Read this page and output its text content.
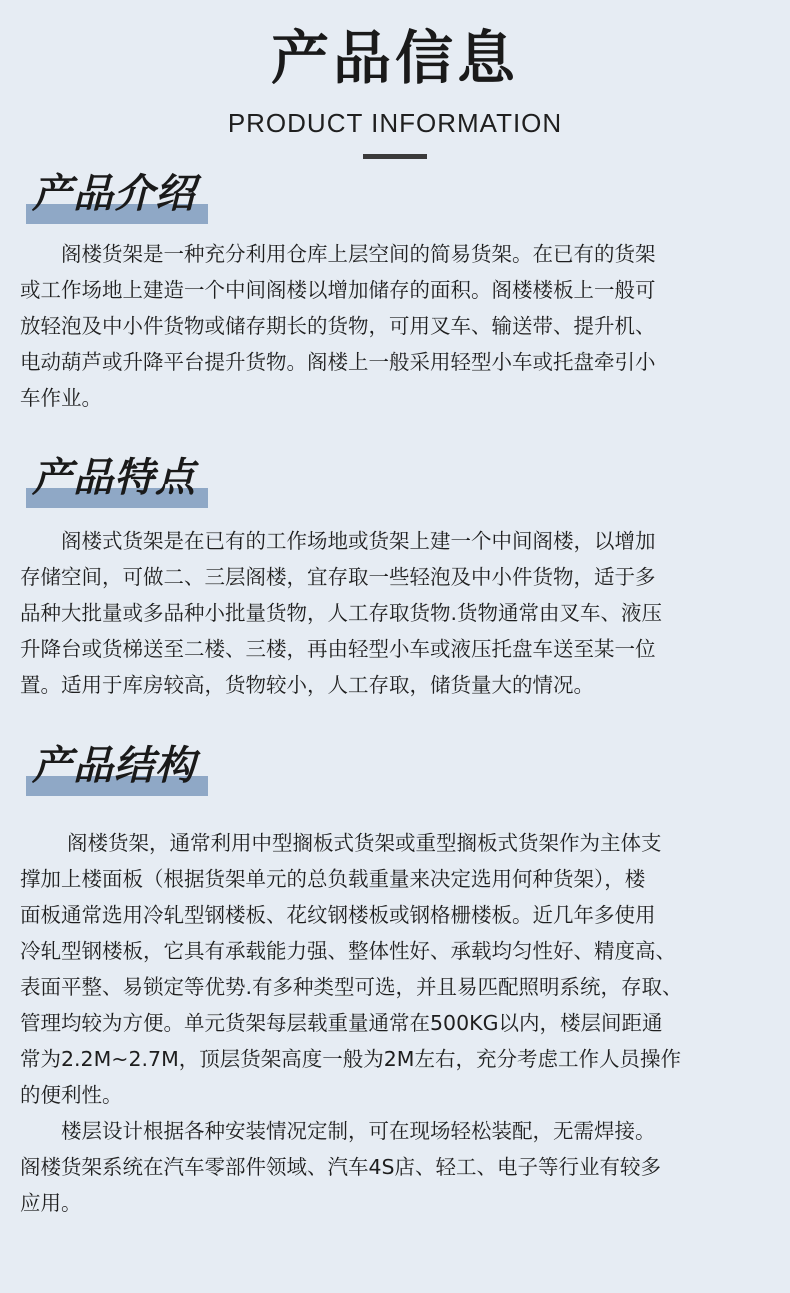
产品信息
PRODUCT INFORMATION
产品介绍
阁楼货架是一种充分利用仓库上层空间的简易货架。在已有的货架
或工作场地上建造一个中间阁楼以增加储存的面积。阁楼楼板上一般可
放轻泡及中小件货物或储存期长的货物，可用叉车、输送带、提升机、
电动葫芦或升降平台提升货物。阁楼上一般采用轻型小车或托盘牵引小
车作业。
产品特点
阁楼式货架是在已有的工作场地或货架上建一个中间阁楼，以增加
存储空间，可做二、三层阁楼，宜存取一些轻泡及中小件货物，适于多
品种大批量或多品种小批量货物，人工存取货物.货物通常由叉车、液压
升降台或货梯送至二楼、三楼，再由轻型小车或液压托盘车送至某一位
置。适用于库房较高，货物较小，人工存取，储货量大的情况。
产品结构
阁楼货架，通常利用中型搁板式货架或重型搁板式货架作为主体支
撑加上楼面板（根据货架单元的总负载重量来决定选用何种货架），楼
面板通常选用冷轧型钢楼板、花纹钢楼板或钢格栅楼板。近几年多使用
冷轧型钢楼板，它具有承载能力强、整体性好、承载均匀性好、精度高、
表面平整、易锁定等优势.有多种类型可选，并且易匹配照明系统，存取、
管理均较为方便。单元货架每层载重量通常在500KG以内，楼层间距通
常为2.2M~2.7M，顶层货架高度一般为2M左右，充分考虑工作人员操作
的便利性。
楼层设计根据各种安装情况定制，可在现场轻松装配，无需焊接。
阁楼货架系统在汽车零部件领域、汽车4S店、轻工、电子等行业有较多
应用。
